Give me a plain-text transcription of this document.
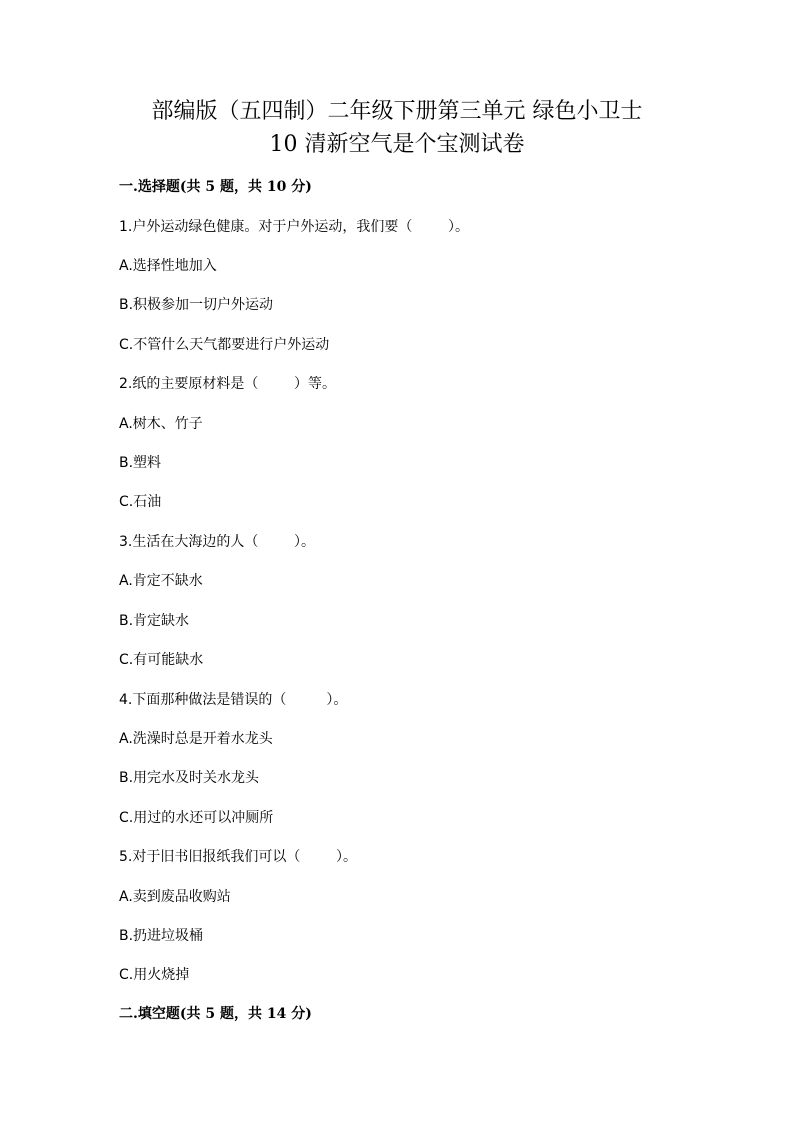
部编版（五四制）二年级下册第三单元 绿色小卫士
10 清新空气是个宝测试卷
一.选择题(共 5 题，共 10 分)
1.户外运动绿色健康。对于户外运动，我们要（        ）。
A.选择性地加入
B.积极参加一切户外运动
C.不管什么天气都要进行户外运动
2.纸的主要原材料是（        ）等。
A.树木、竹子
B.塑料
C.石油
3.生活在大海边的人（        ）。
A.肯定不缺水
B.肯定缺水
C.有可能缺水
4.下面那种做法是错误的（         ）。
A.洗澡时总是开着水龙头
B.用完水及时关水龙头
C.用过的水还可以冲厕所
5.对于旧书旧报纸我们可以（        ）。
A.卖到废品收购站
B.扔进垃圾桶
C.用火烧掉
二.填空题(共 5 题，共 14 分)
